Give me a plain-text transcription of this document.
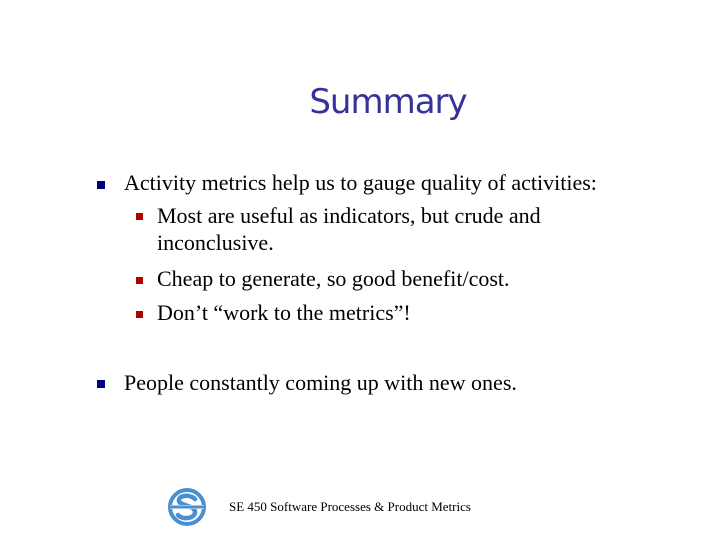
Summary
Activity metrics help us to gauge quality of activities:
Most are useful as indicators, but crude and
inconclusive.
Cheap to generate, so good benefit/cost.
Don’t “work to the metrics”!
People constantly coming up with new ones.
SE 450 Software Processes & Product Metrics
